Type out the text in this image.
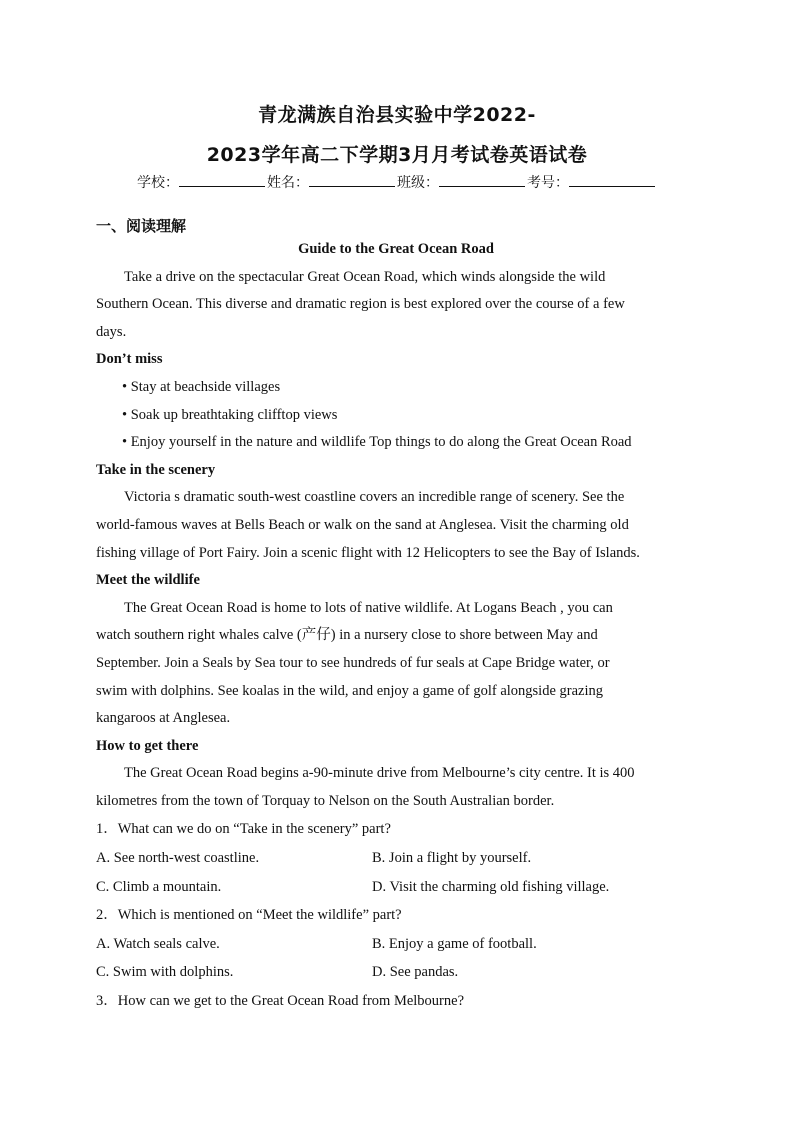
青龙满族自治县实验中学2022-
2023学年高二下学期3月月考试卷英语试卷
学校：	姓名：	班级：	考号：
一、阅读理解
Guide to the Great Ocean Road
Take a drive on the spectacular Great Ocean Road, which winds alongside the wild
Southern Ocean. This diverse and dramatic region is best explored over the course of a few
days.
Don’t miss
• Stay at beachside villages
• Soak up breathtaking clifftop views
• Enjoy yourself in the nature and wildlife Top things to do along the Great Ocean Road
Take in the scenery
Victoria s dramatic south-west coastline covers an incredible range of scenery. See the
world-famous waves at Bells Beach or walk on the sand at Anglesea. Visit the charming old
fishing village of Port Fairy. Join a scenic flight with 12 Helicopters to see the Bay of Islands.
Meet the wildlife
The Great Ocean Road is home to lots of native wildlife. At Logans Beach , you can
watch southern right whales calve (产仔) in a nursery close to shore between May and
September. Join a Seals by Sea tour to see hundreds of fur seals at Cape Bridge water, or
swim with dolphins. See koalas in the wild, and enjoy a game of golf alongside grazing
kangaroos at Anglesea.
How to get there
The Great Ocean Road begins a-90-minute drive from Melbourne’s city centre. It is 400
kilometres from the town of Torquay to Nelson on the South Australian border.
1．What can we do on “Take in the scenery” part?
A. See north-west coastline.	B. Join a flight by yourself.
C. Climb a mountain.	D. Visit the charming old fishing village.
2．Which is mentioned on “Meet the wildlife” part?
A. Watch seals calve.	B. Enjoy a game of football.
C. Swim with dolphins.	D. See pandas.
3．How can we get to the Great Ocean Road from Melbourne?
